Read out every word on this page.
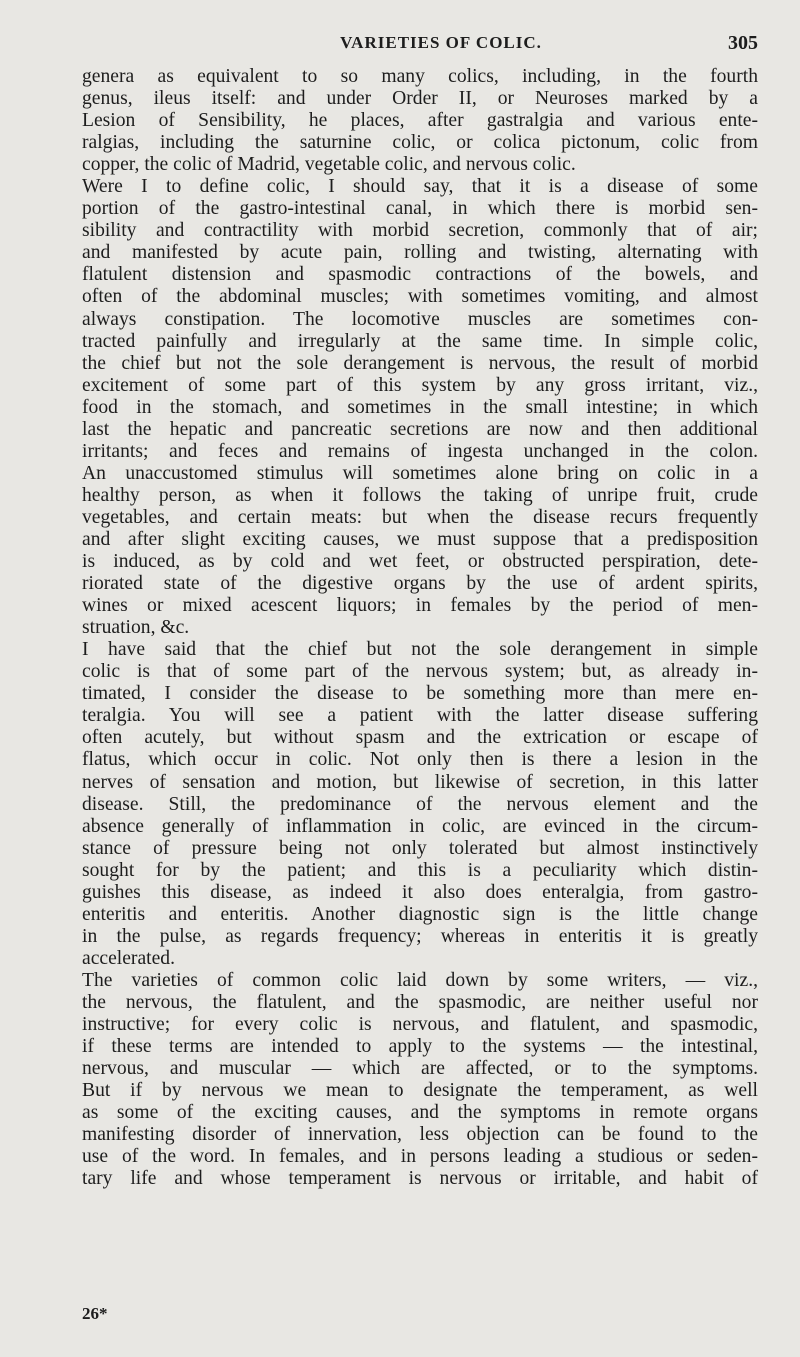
VARIETIES OF COLIC.	305
genera as equivalent to so many colics, including, in the fourth
genus, ileus itself: and under Order II, or Neuroses marked by a
Lesion of Sensibility, he places, after gastralgia and various ente-
ralgias, including the saturnine colic, or colica pictonum, colic from
copper, the colic of Madrid, vegetable colic, and nervous colic.
Were I to define colic, I should say, that it is a disease of some
portion of the gastro-intestinal canal, in which there is morbid sen-
sibility and contractility with morbid secretion, commonly that of air;
and manifested by acute pain, rolling and twisting, alternating with
flatulent distension and spasmodic contractions of the bowels, and
often of the abdominal muscles; with sometimes vomiting, and almost
always constipation. The locomotive muscles are sometimes con-
tracted painfully and irregularly at the same time. In simple colic,
the chief but not the sole derangement is nervous, the result of morbid
excitement of some part of this system by any gross irritant, viz.,
food in the stomach, and sometimes in the small intestine; in which
last the hepatic and pancreatic secretions are now and then additional
irritants; and feces and remains of ingesta unchanged in the colon.
An unaccustomed stimulus will sometimes alone bring on colic in a
healthy person, as when it follows the taking of unripe fruit, crude
vegetables, and certain meats: but when the disease recurs frequently
and after slight exciting causes, we must suppose that a predisposition
is induced, as by cold and wet feet, or obstructed perspiration, dete-
riorated state of the digestive organs by the use of ardent spirits,
wines or mixed acescent liquors; in females by the period of men-
struation, &c.
I have said that the chief but not the sole derangement in simple
colic is that of some part of the nervous system; but, as already in-
timated, I consider the disease to be something more than mere en-
teralgia. You will see a patient with the latter disease suffering
often acutely, but without spasm and the extrication or escape of
flatus, which occur in colic. Not only then is there a lesion in the
nerves of sensation and motion, but likewise of secretion, in this latter
disease. Still, the predominance of the nervous element and the
absence generally of inflammation in colic, are evinced in the circum-
stance of pressure being not only tolerated but almost instinctively
sought for by the patient; and this is a peculiarity which distin-
guishes this disease, as indeed it also does enteralgia, from gastro-
enteritis and enteritis. Another diagnostic sign is the little change
in the pulse, as regards frequency; whereas in enteritis it is greatly
accelerated.
The varieties of common colic laid down by some writers, — viz.,
the nervous, the flatulent, and the spasmodic, are neither useful nor
instructive; for every colic is nervous, and flatulent, and spasmodic,
if these terms are intended to apply to the systems — the intestinal,
nervous, and muscular — which are affected, or to the symptoms.
But if by nervous we mean to designate the temperament, as well
as some of the exciting causes, and the symptoms in remote organs
manifesting disorder of innervation, less objection can be found to the
use of the word. In females, and in persons leading a studious or seden-
tary life and whose temperament is nervous or irritable, and habit of
26*
